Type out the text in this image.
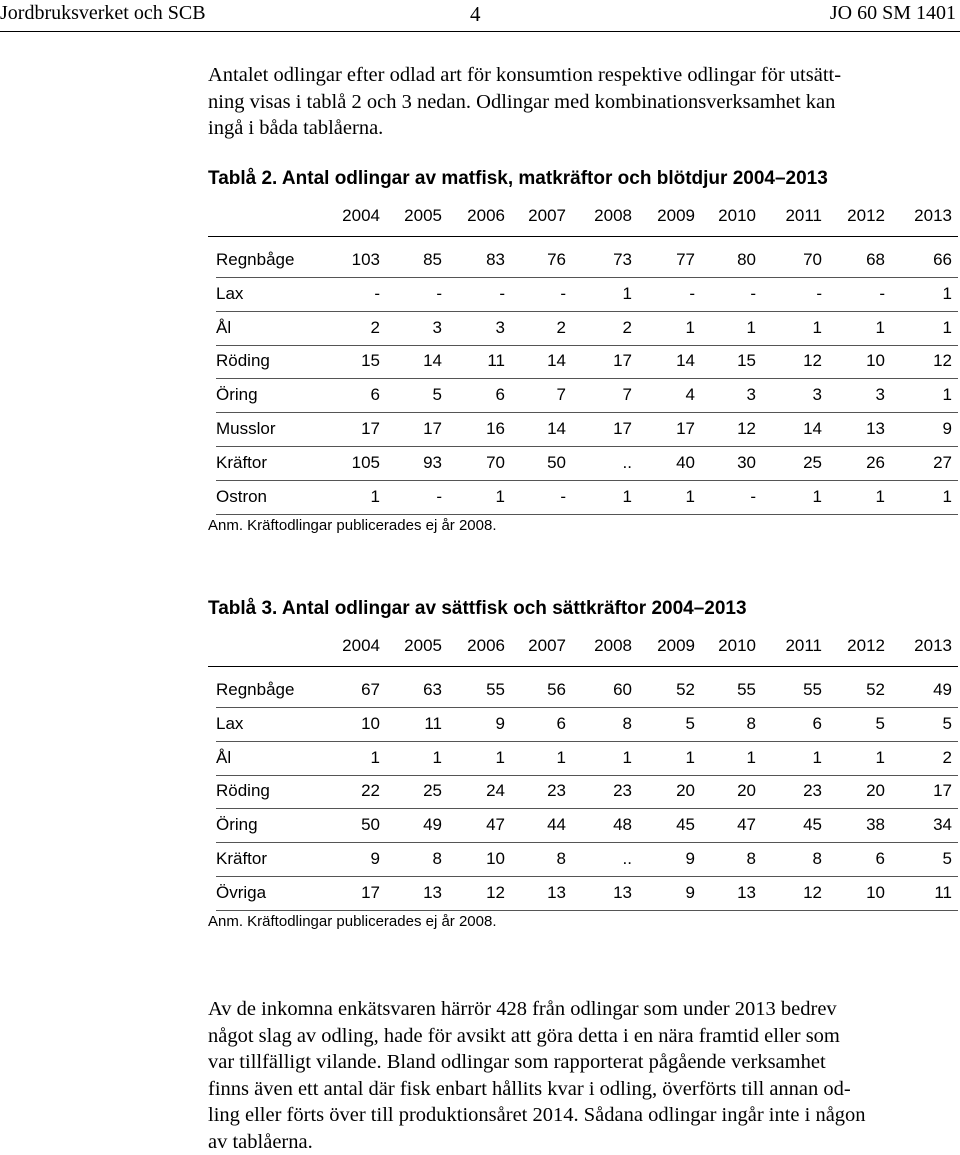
Jordbruksverket och SCB	4	JO 60 SM 1401
Antalet odlingar efter odlad art för konsumtion respektive odlingar för utsätt-
ning visas i tablå 2 och 3 nedan. Odlingar med kombinationsverksamhet kan
ingå i båda tablåerna.
Tablå 2. Antal odlingar av matfisk, matkräftor och blötdjur 2004–2013
2004	2005	2006	2007	2008	2009	2010	2011	2012	2013
Regnbåge	103	85	83	76	73	77	80	70	68	66
Lax	-	-	-	-	1	-	-	-	-	1
Ål	2	3	3	2	2	1	1	1	1	1
Röding	15	14	11	14	17	14	15	12	10	12
Öring	6	5	6	7	7	4	3	3	3	1
Musslor	17	17	16	14	17	17	12	14	13	9
Kräftor	105	93	70	50	..	40	30	25	26	27
Ostron	1	-	1	-	1	1	-	1	1	1
Anm. Kräftodlingar publicerades ej år 2008.
Tablå 3. Antal odlingar av sättfisk och sättkräftor 2004–2013
2004	2005	2006	2007	2008	2009	2010	2011	2012	2013
Regnbåge	67	63	55	56	60	52	55	55	52	49
Lax	10	11	9	6	8	5	8	6	5	5
Ål	1	1	1	1	1	1	1	1	1	2
Röding	22	25	24	23	23	20	20	23	20	17
Öring	50	49	47	44	48	45	47	45	38	34
Kräftor	9	8	10	8	..	9	8	8	6	5
Övriga	17	13	12	13	13	9	13	12	10	11
Anm. Kräftodlingar publicerades ej år 2008.
Av de inkomna enkätsvaren härrör 428 från odlingar som under 2013 bedrev
något slag av odling, hade för avsikt att göra detta i en nära framtid eller som
var tillfälligt vilande. Bland odlingar som rapporterat pågående verksamhet
finns även ett antal där fisk enbart hållits kvar i odling, överförts till annan od-
ling eller förts över till produktionsåret 2014. Sådana odlingar ingår inte i någon
av tablåerna.
